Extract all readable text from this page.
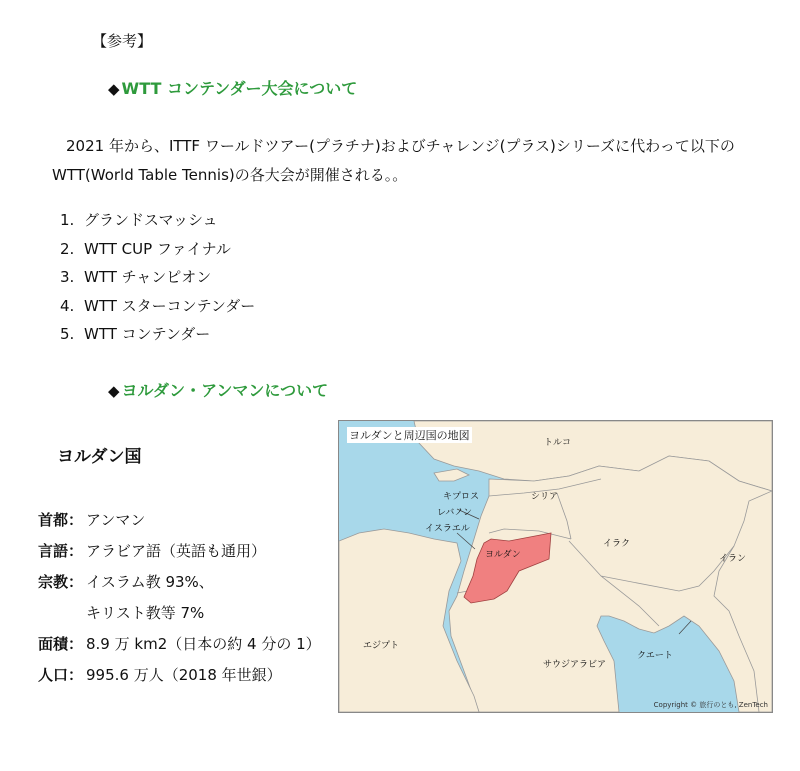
【参考】
◆ WTT コンテンダー大会について
2021 年から、ITTF ワールドツアー(プラチナ)およびチャレンジ(プラス)シリーズに代わって以下の WTT(World Table Tennis)の各大会が開催される。。
1. グランドスマッシュ
2. WTT CUP ファイナル
3. WTT チャンピオン
4. WTT スターコンテンダー
5. WTT コンテンダー
◆ ヨルダン・アンマンについて
ヨルダン国
首都： アンマン
言語： アラビア語（英語も通用）
宗教： イスラム教 93%、
キリスト教等 7%
面積： 8.9 万 km2（日本の約 4 分の 1）
人口： 995.6 万人（2018 年世銀）
ヨルダンと周辺国の地図
トルコ
キプロス	シリア
レバノン
イスラエル
ヨルダン
イラク
イラン
エジプト
サウジアラビア
クエート
Copyright © 旅行のとも, ZenTech
